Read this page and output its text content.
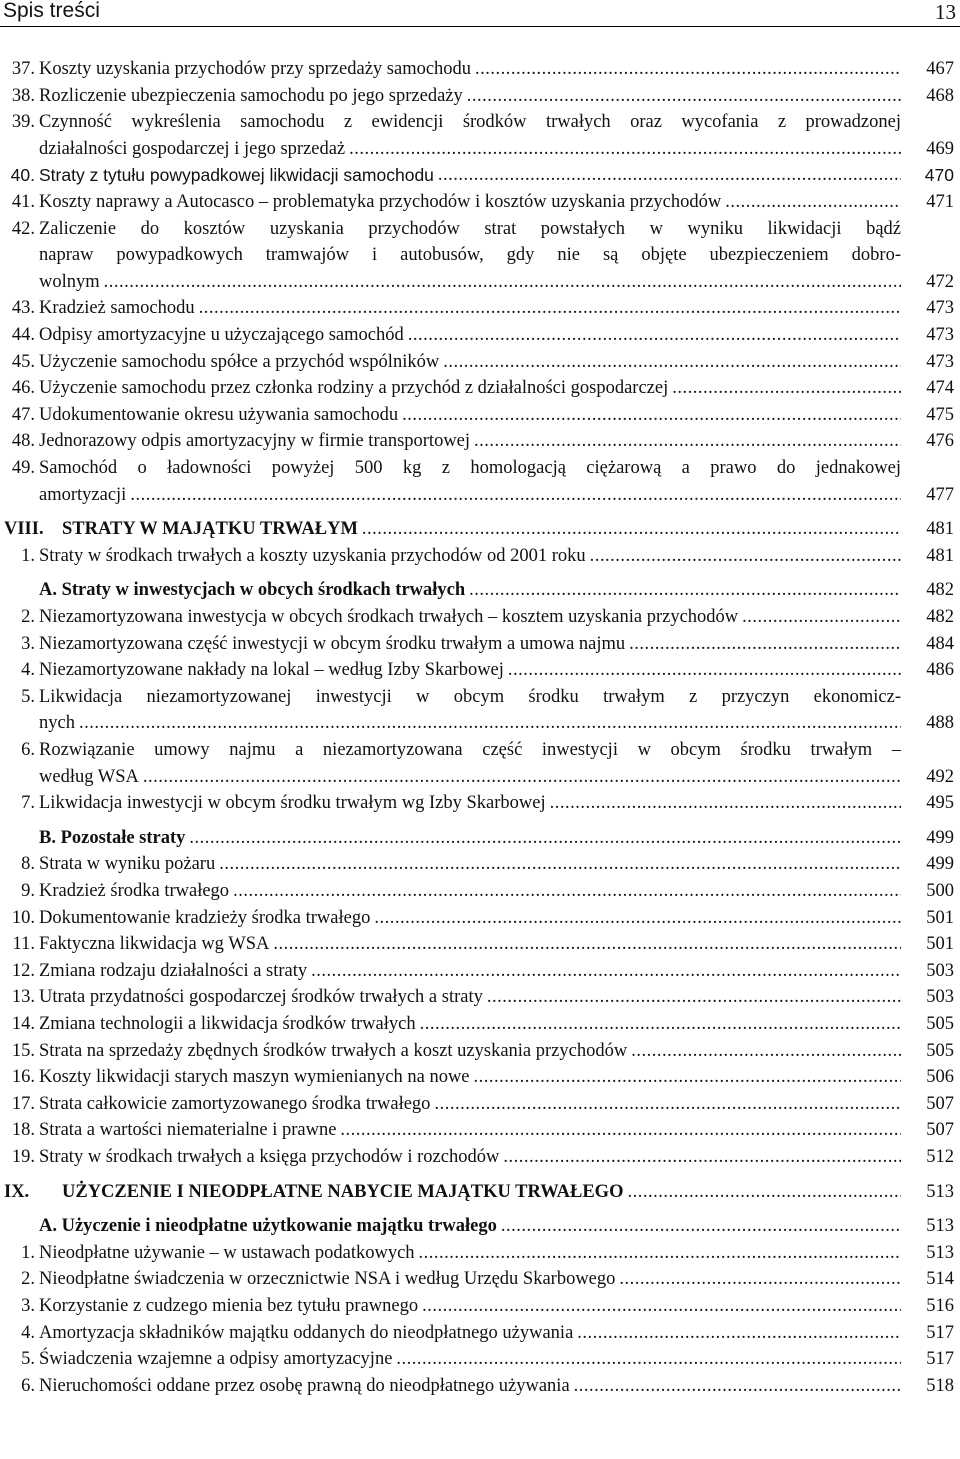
Spis treści	13
37. Koszty uzyskania przychodów przy sprzedaży samochodu .....	467
38. Rozliczenie ubezpieczenia samochodu po jego sprzedaży .....	468
39. Czynność wykreślenia samochodu z ewidencji środków trwałych oraz wycofania z prowadzonej
działalności gospodarczej i jego sprzedaż .....	469
40. Straty z tytułu powypadkowej likwidacji samochodu .....	470
41. Koszty naprawy a Autocasco – problematyka przychodów i kosztów uzyskania przychodów .....	471
42. Zaliczenie do kosztów uzyskania przychodów strat powstałych w wyniku likwidacji bądź
napraw powypadkowych tramwajów i autobusów, gdy nie są objęte ubezpieczeniem dobro-
wolnym .....	472
43. Kradzież samochodu .....	473
44. Odpisy amortyzacyjne u użyczającego samochód .....	473
45. Użyczenie samochodu spółce a przychód wspólników .....	473
46. Użyczenie samochodu przez członka rodziny a przychód z działalności gospodarczej .....	474
47. Udokumentowanie okresu używania samochodu .....	475
48. Jednorazowy odpis amortyzacyjny w firmie transportowej .....	476
49. Samochód o ładowności powyżej 500 kg z homologacją ciężarową a prawo do jednakowej
amortyzacji .....	477
VIII. STRATY W MAJĄTKU TRWAŁYM .....	481
1. Straty w środkach trwałych a koszty uzyskania przychodów od 2001 roku .....	481
A. Straty w inwestycjach w obcych środkach trwałych .....	482
2. Niezamortyzowana inwestycja w obcych środkach trwałych – kosztem uzyskania przychodów .....	482
3. Niezamortyzowana część inwestycji w obcym środku trwałym a umowa najmu .....	484
4. Niezamortyzowane nakłady na lokal – według Izby Skarbowej .....	486
5. Likwidacja niezamortyzowanej inwestycji w obcym środku trwałym z przyczyn ekonomicz-
nych .....	488
6. Rozwiązanie umowy najmu a niezamortyzowana część inwestycji w obcym środku trwałym –
według WSA .....	492
7. Likwidacja inwestycji w obcym środku trwałym wg Izby Skarbowej .....	495
B. Pozostałe straty .....	499
8. Strata w wyniku pożaru .....	499
9. Kradzież środka trwałego .....	500
10. Dokumentowanie kradzieży środka trwałego .....	501
11. Faktyczna likwidacja wg WSA .....	501
12. Zmiana rodzaju działalności a straty .....	503
13. Utrata przydatności gospodarczej środków trwałych a straty .....	503
14. Zmiana technologii a likwidacja środków trwałych .....	505
15. Strata na sprzedaży zbędnych środków trwałych a koszt uzyskania przychodów .....	505
16. Koszty likwidacji starych maszyn wymienianych na nowe .....	506
17. Strata całkowicie zamortyzowanego środka trwałego .....	507
18. Strata a wartości niematerialne i prawne .....	507
19. Straty w środkach trwałych a księga przychodów i rozchodów .....	512
IX. UŻYCZENIE I NIEODPŁATNE NABYCIE MAJĄTKU TRWAŁEGO .....	513
A. Użyczenie i nieodpłatne użytkowanie majątku trwałego .....	513
1. Nieodpłatne używanie – w ustawach podatkowych .....	513
2. Nieodpłatne świadczenia w orzecznictwie NSA i według Urzędu Skarbowego .....	514
3. Korzystanie z cudzego mienia bez tytułu prawnego .....	516
4. Amortyzacja składników majątku oddanych do nieodpłatnego używania .....	517
5. Świadczenia wzajemne a odpisy amortyzacyjne .....	517
6. Nieruchomości oddane przez osobę prawną do nieodpłatnego używania .....	518
